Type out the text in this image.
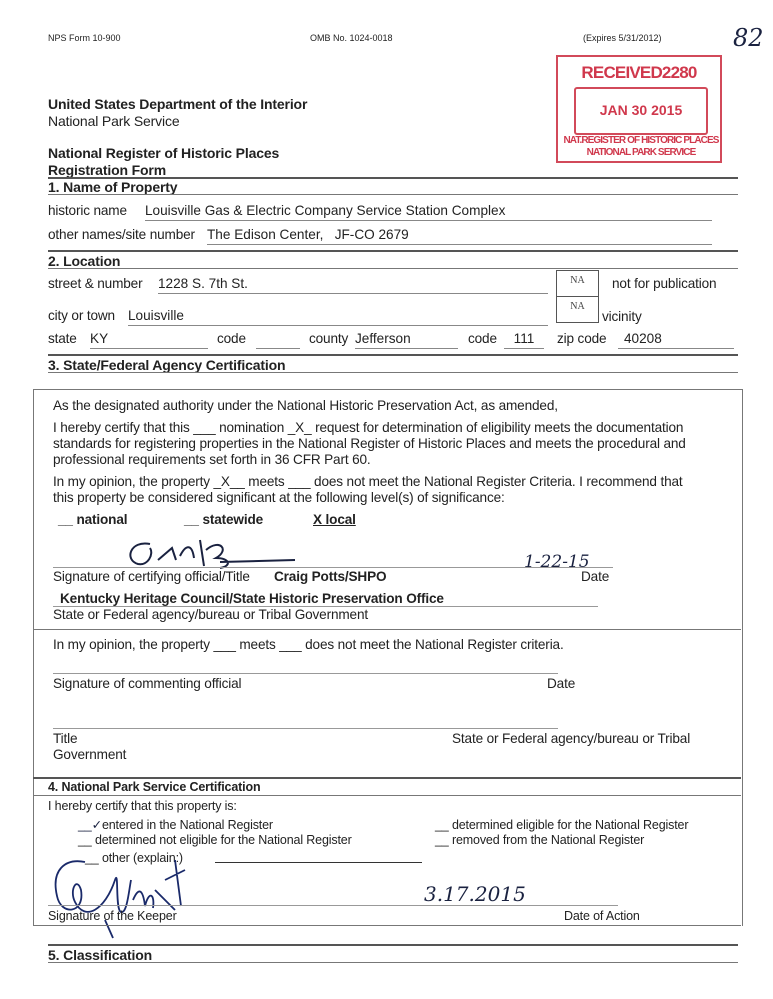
NPS Form 10-900	OMB No. 1024-0018	(Expires 5/31/2012)	82
RECEIVED2280
JAN 30 2015
NAT.REGISTER OF HISTORIC PLACES
NATIONAL PARK SERVICE
United States Department of the Interior
National Park Service
National Register of Historic Places
Registration Form
1. Name of Property
historic name Louisville Gas & Electric Company Service Station Complex
other names/site number The Edison Center,   JF-CO 2679
2. Location
street & number 1228 S. 7th St.	NA	not for publication
city or town Louisville
NA
vicinity
state KY	code	county Jefferson	code	111	zip code	40208
3. State/Federal Agency Certification
As the designated authority under the National Historic Preservation Act, as amended,
I hereby certify that this ___ nomination _X_ request for determination of eligibility meets the documentation
standards for registering properties in the National Register of Historic Places and meets the procedural and
professional requirements set forth in 36 CFR Part 60.
In my opinion, the property _X__ meets ___ does not meet the National Register Criteria. I recommend that
this property be considered significant at the following level(s) of significance:
__ national	__ statewide	X local
1-22-15
Signature of certifying official/Title Craig Potts/SHPO	Date
Kentucky Heritage Council/State Historic Preservation Office
State or Federal agency/bureau or Tribal Government
In my opinion, the property ___ meets ___ does not meet the National Register criteria.
Signature of commenting official	Date
Title	State or Federal agency/bureau or Tribal
Government
4. National Park Service Certification
I hereby certify that this property is:
__✓entered in the National Register
__ determined not eligible for the National Register
__ other (explain:)
__ determined eligible for the National Register
__ removed from the National Register
3.17.2015
Signature of the Keeper	Date of Action
5. Classification
